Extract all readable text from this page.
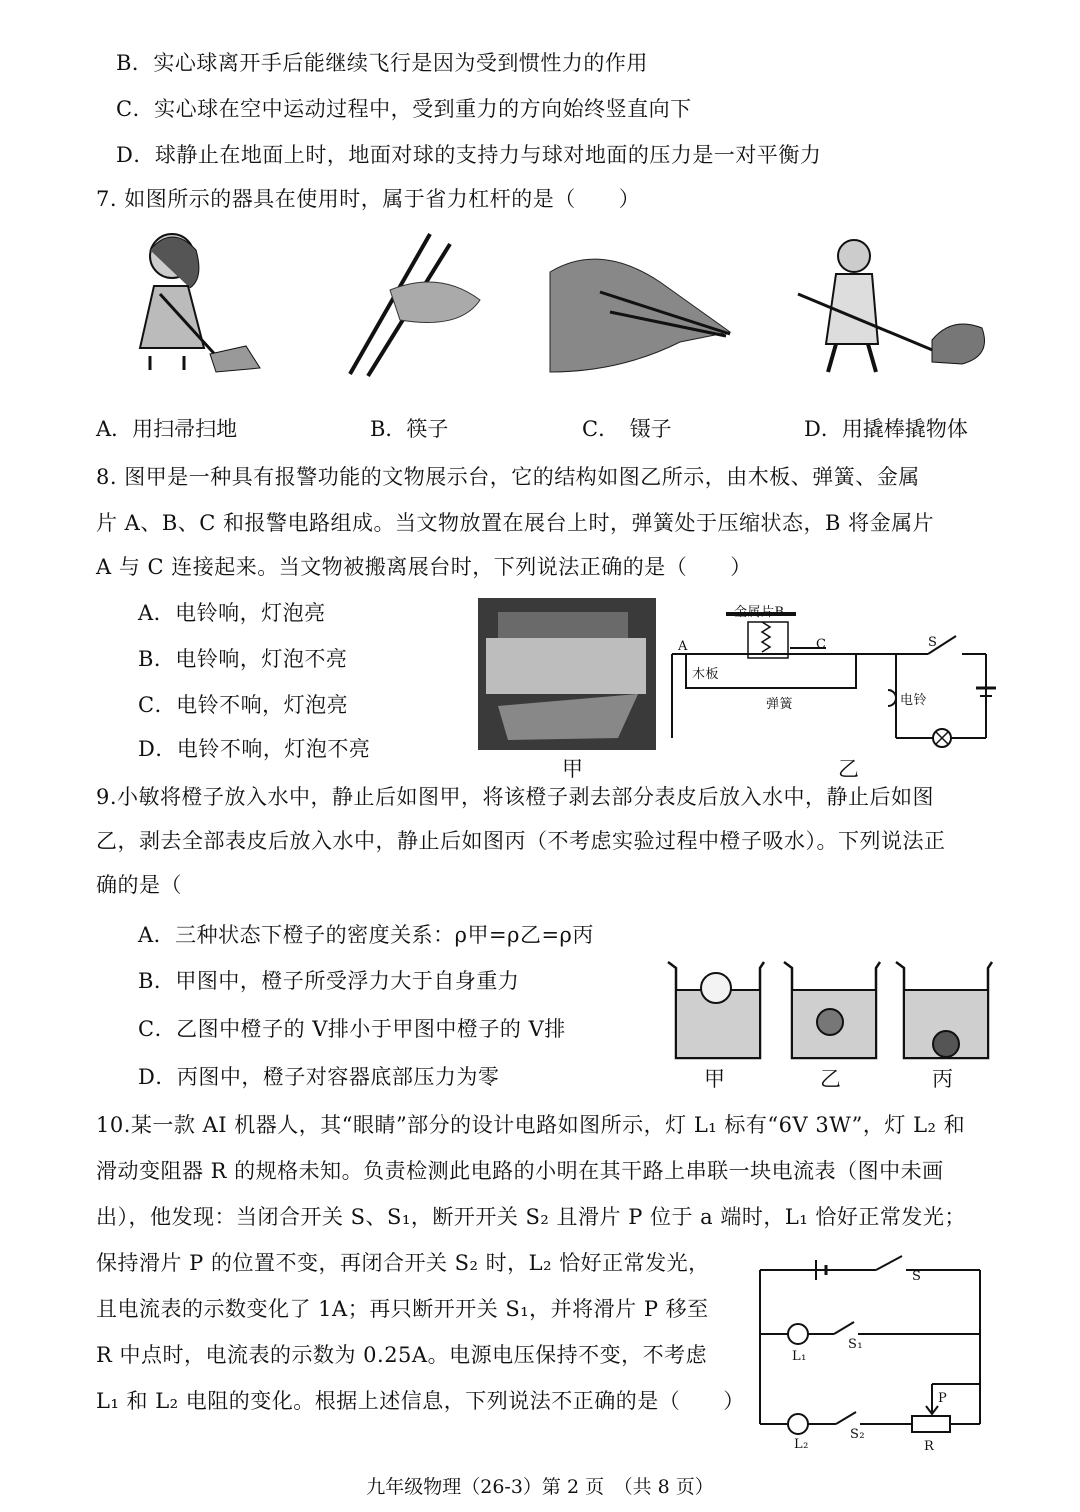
B．实心球离开手后能继续飞行是因为受到惯性力的作用
C．实心球在空中运动过程中，受到重力的方向始终竖直向下
D．球静止在地面上时，地面对球的支持力与球对地面的压力是一对平衡力
7. 如图所示的器具在使用时，属于省力杠杆的是（　　）
A．用扫帚扫地	B．筷子	C．　镊子	D．用撬棒撬物体
8. 图甲是一种具有报警功能的文物展示台，它的结构如图乙所示，由木板、弹簧、金属
片 A、B、C 和报警电路组成。当文物放置在展台上时，弹簧处于压缩状态，B 将金属片
A 与 C 连接起来。当文物被搬离展台时，下列说法正确的是（　　）
A．电铃响，灯泡亮
B．电铃响，灯泡不亮
C．电铃不响，灯泡亮
D．电铃不响，灯泡不亮
甲
金属片B
A	C	S
木板
弹簧	电铃
乙
9.小敏将橙子放入水中，静止后如图甲，将该橙子剥去部分表皮后放入水中，静止后如图
乙，剥去全部表皮后放入水中，静止后如图丙（不考虑实验过程中橙子吸水）。下列说法正
确的是（
A．三种状态下橙子的密度关系：ρ甲=ρ乙=ρ丙
B．甲图中，橙子所受浮力大于自身重力
C．乙图中橙子的 V排小于甲图中橙子的 V排
D．丙图中，橙子对容器底部压力为零	甲	乙	丙
10.某一款 AI 机器人，其“眼睛”部分的设计电路如图所示，灯 L₁ 标有“6V 3W”，灯 L₂ 和
滑动变阻器 R 的规格未知。负责检测此电路的小明在其干路上串联一块电流表（图中未画
出），他发现：当闭合开关 S、S₁，断开开关 S₂ 且滑片 P 位于 a 端时，L₁ 恰好正常发光；
保持滑片 P 的位置不变，再闭合开关 S₂ 时，L₂ 恰好正常发光，
且电流表的示数变化了 1A；再只断开开关 S₁，并将滑片 P 移至
R 中点时，电流表的示数为 0.25A。电源电压保持不变，不考虑
L₁ 和 L₂ 电阻的变化。根据上述信息，下列说法不正确的是（　　）
S
S₁
L₁
S₂
L₂
P
R
九年级物理（26-3）第 2 页　（共 8 页）
